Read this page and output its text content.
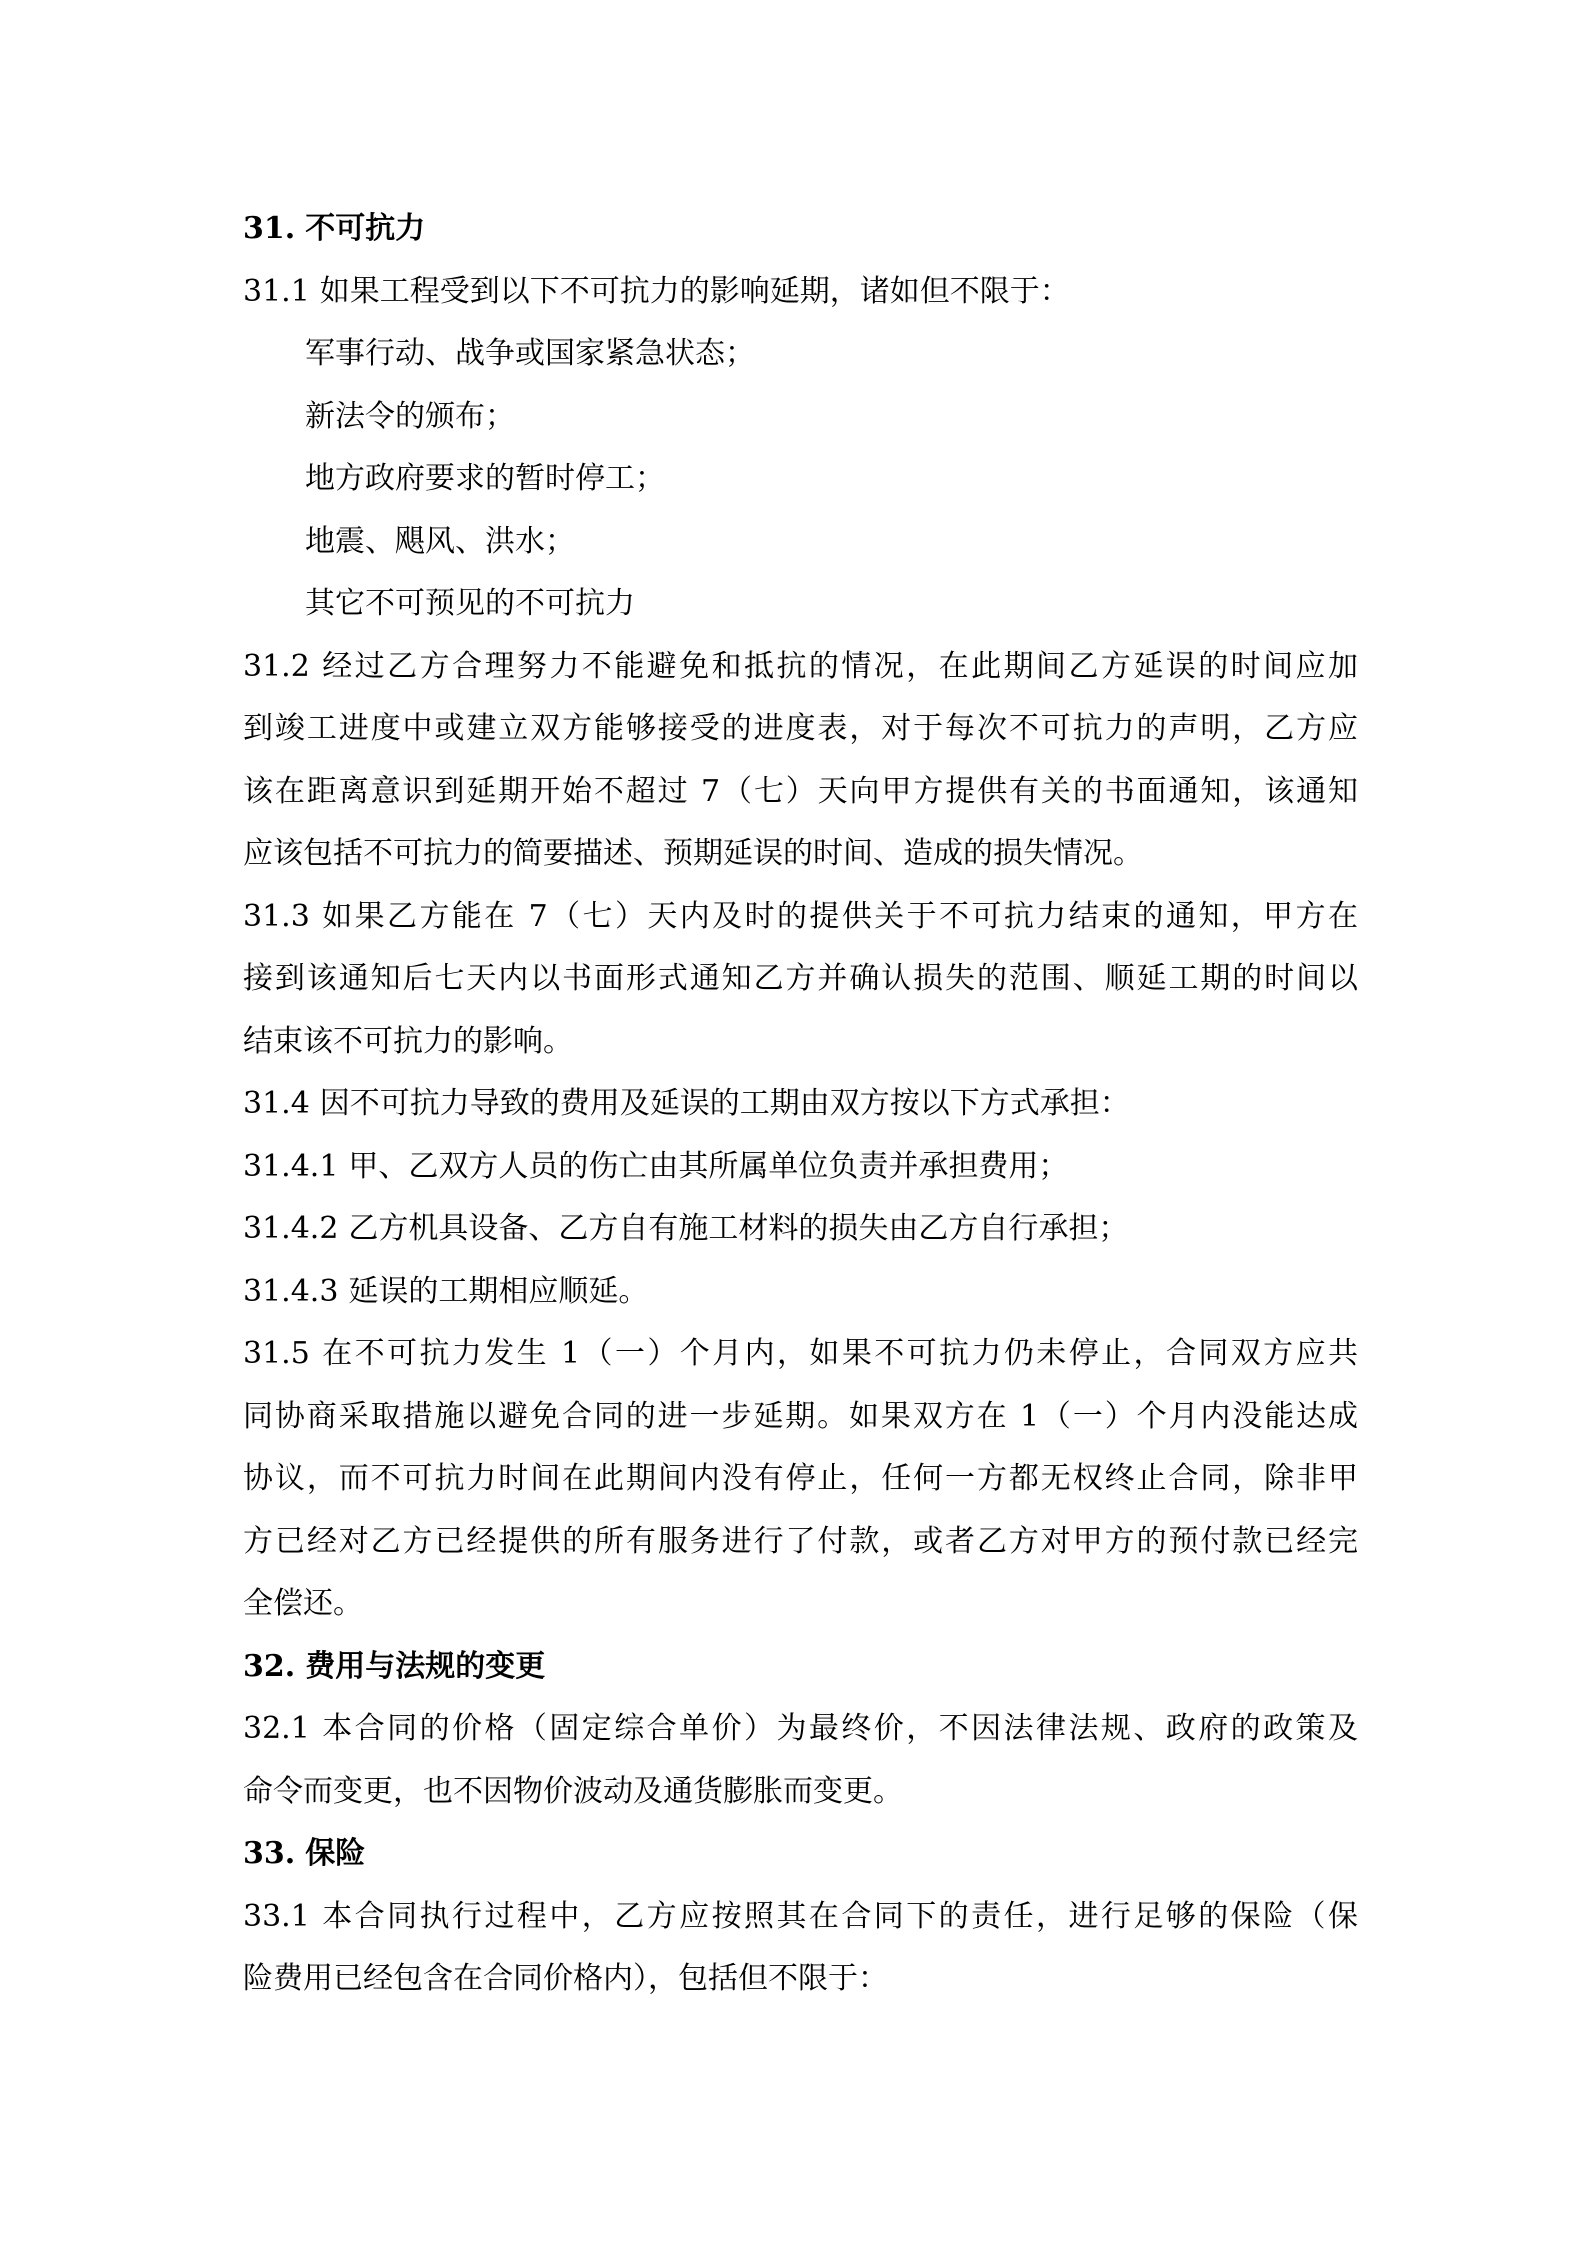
31. 不可抗力
31.1 如果工程受到以下不可抗力的影响延期，诸如但不限于：
军事行动、战争或国家紧急状态；
新法令的颁布；
地方政府要求的暂时停工；
地震、飓风、洪水；
其它不可预见的不可抗力
31.2 经过乙方合理努力不能避免和抵抗的情况，在此期间乙方延误的时间应加
到竣工进度中或建立双方能够接受的进度表，对于每次不可抗力的声明，乙方应
该在距离意识到延期开始不超过 7（七）天向甲方提供有关的书面通知，该通知
应该包括不可抗力的简要描述、预期延误的时间、造成的损失情况。
31.3 如果乙方能在 7（七）天内及时的提供关于不可抗力结束的通知，甲方在
接到该通知后七天内以书面形式通知乙方并确认损失的范围、顺延工期的时间以
结束该不可抗力的影响。
31.4 因不可抗力导致的费用及延误的工期由双方按以下方式承担：
31.4.1 甲、乙双方人员的伤亡由其所属单位负责并承担费用；
31.4.2 乙方机具设备、乙方自有施工材料的损失由乙方自行承担；
31.4.3 延误的工期相应顺延。
31.5 在不可抗力发生 1（一）个月内，如果不可抗力仍未停止，合同双方应共
同协商采取措施以避免合同的进一步延期。如果双方在 1（一）个月内没能达成
协议，而不可抗力时间在此期间内没有停止，任何一方都无权终止合同，除非甲
方已经对乙方已经提供的所有服务进行了付款，或者乙方对甲方的预付款已经完
全偿还。
32. 费用与法规的变更
32.1 本合同的价格（固定综合单价）为最终价，不因法律法规、政府的政策及
命令而变更，也不因物价波动及通货膨胀而变更。
33. 保险
33.1 本合同执行过程中，乙方应按照其在合同下的责任，进行足够的保险（保
险费用已经包含在合同价格内），包括但不限于：
